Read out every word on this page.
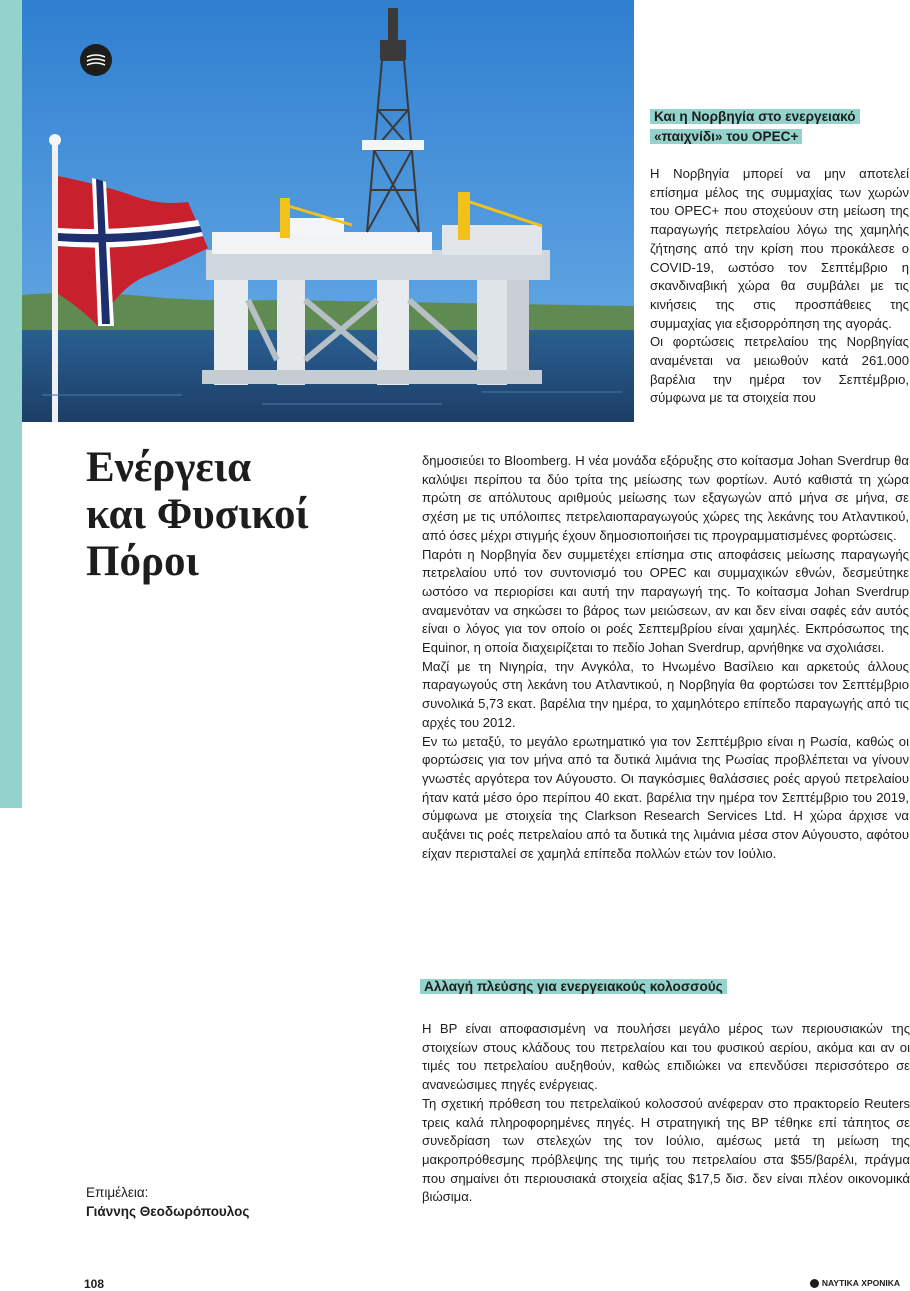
Ενέργεια
και Φυσικοί
Πόροι
Και η Νορβηγία στο ενεργειακό «παιχνίδι» του OPEC+

Η Νορβηγία μπορεί να μην αποτελεί επίσημα μέλος της συμμαχίας των χωρών του OPEC+ που στοχεύουν στη μείωση της παραγωγής πετρελαίου λόγω της χαμηλής ζήτησης από την κρίση που προκάλεσε ο COVID-19, ωστόσο τον Σεπτέμβριο η σκανδιναβική χώρα θα συμβάλει με τις κινήσεις της στις προσπάθειες της συμμαχίας για εξισορρόπηση της αγοράς.

Οι φορτώσεις πετρελαίου της Νορβηγίας αναμένεται να μειωθούν κατά 261.000 βαρέλια την ημέρα τον Σεπτέμβριο, σύμφωνα με τα στοιχεία που

δημοσιεύει το Bloomberg. Η νέα μονάδα εξόρυξης στο κοίτασμα Johan Sverdrup θα καλύψει περίπου τα δύο τρίτα της μείωσης των φορτίων. Αυτό καθιστά τη χώρα πρώτη σε απόλυτους αριθμούς μείωσης των εξαγωγών από μήνα σε μήνα, σε σχέση με τις υπόλοιπες πετρελαιοπαραγωγούς χώρες της λεκάνης του Ατλαντικού, από όσες μέχρι στιγμής έχουν δημοσιοποιήσει τις προγραμματισμένες φορτώσεις.

Παρότι η Νορβηγία δεν συμμετέχει επίσημα στις αποφάσεις μείωσης παραγωγής πετρελαίου υπό τον συντονισμό του OPEC και συμμαχικών εθνών, δεσμεύτηκε ωστόσο να περιορίσει και αυτή την παραγωγή της. Το κοίτασμα Johan Sverdrup αναμενόταν να σηκώσει το βάρος των μειώσεων, αν και δεν είναι σαφές εάν αυτός είναι ο λόγος για τον οποίο οι ροές Σεπτεμβρίου είναι χαμηλές. Εκπρόσωπος της Equinor, η οποία διαχειρίζεται το πεδίο Johan Sverdrup, αρνήθηκε να σχολιάσει.

Μαζί με τη Νιγηρία, την Ανγκόλα, το Ηνωμένο Βασίλειο και αρκετούς άλλους παραγωγούς στη λεκάνη του Ατλαντικού, η Νορβηγία θα φορτώσει τον Σεπτέμβριο συνολικά 5,73 εκατ. βαρέλια την ημέρα, το χαμηλότερο επίπεδο παραγωγής από τις αρχές του 2012.

Εν τω μεταξύ, το μεγάλο ερωτηματικό για τον Σεπτέμβριο είναι η Ρωσία, καθώς οι φορτώσεις για τον μήνα από τα δυτικά λιμάνια της Ρωσίας προβλέπεται να γίνουν γνωστές αργότερα τον Αύγουστο. Οι παγκόσμιες θαλάσσιες ροές αργού πετρελαίου ήταν κατά μέσο όρο περίπου 40 εκατ. βαρέλια την ημέρα τον Σεπτέμβριο του 2019, σύμφωνα με στοιχεία της Clarkson Research Services Ltd. Η χώρα άρχισε να αυξάνει τις ροές πετρελαίου από τα δυτικά της λιμάνια μέσα στον Αύγουστο, αφότου είχαν περισταλεί σε χαμηλά επίπεδα πολλών ετών τον Ιούλιο.

Αλλαγή πλεύσης για ενεργειακούς κολοσσούς

Η BP είναι αποφασισμένη να πουλήσει μεγάλο μέρος των περιουσιακών της στοιχείων στους κλάδους του πετρελαίου και του φυσικού αερίου, ακόμα και αν οι τιμές του πετρελαίου αυξηθούν, καθώς επιδιώκει να επενδύσει περισσότερο σε ανανεώσιμες πηγές ενέργειας.

Τη σχετική πρόθεση του πετρελαϊκού κολοσσού ανέφεραν στο πρακτορείο Reuters τρεις καλά πληροφορημένες πηγές. Η στρατηγική της BP τέθηκε επί τάπητος σε συνεδρίαση των στελεχών της τον Ιούλιο, αμέσως μετά τη μείωση της μακροπρόθεσμης πρόβλεψης της τιμής του πετρελαίου στα $55/βαρέλι, πράγμα που σημαίνει ότι περιουσιακά στοιχεία αξίας $17,5 δισ. δεν είναι πλέον οικονομικά βιώσιμα.

Επιμέλεια:
Γιάννης Θεοδωρόπουλος
108	ΝΑΥΤΙΚΑ ΧΡΟΝΙΚΑ
